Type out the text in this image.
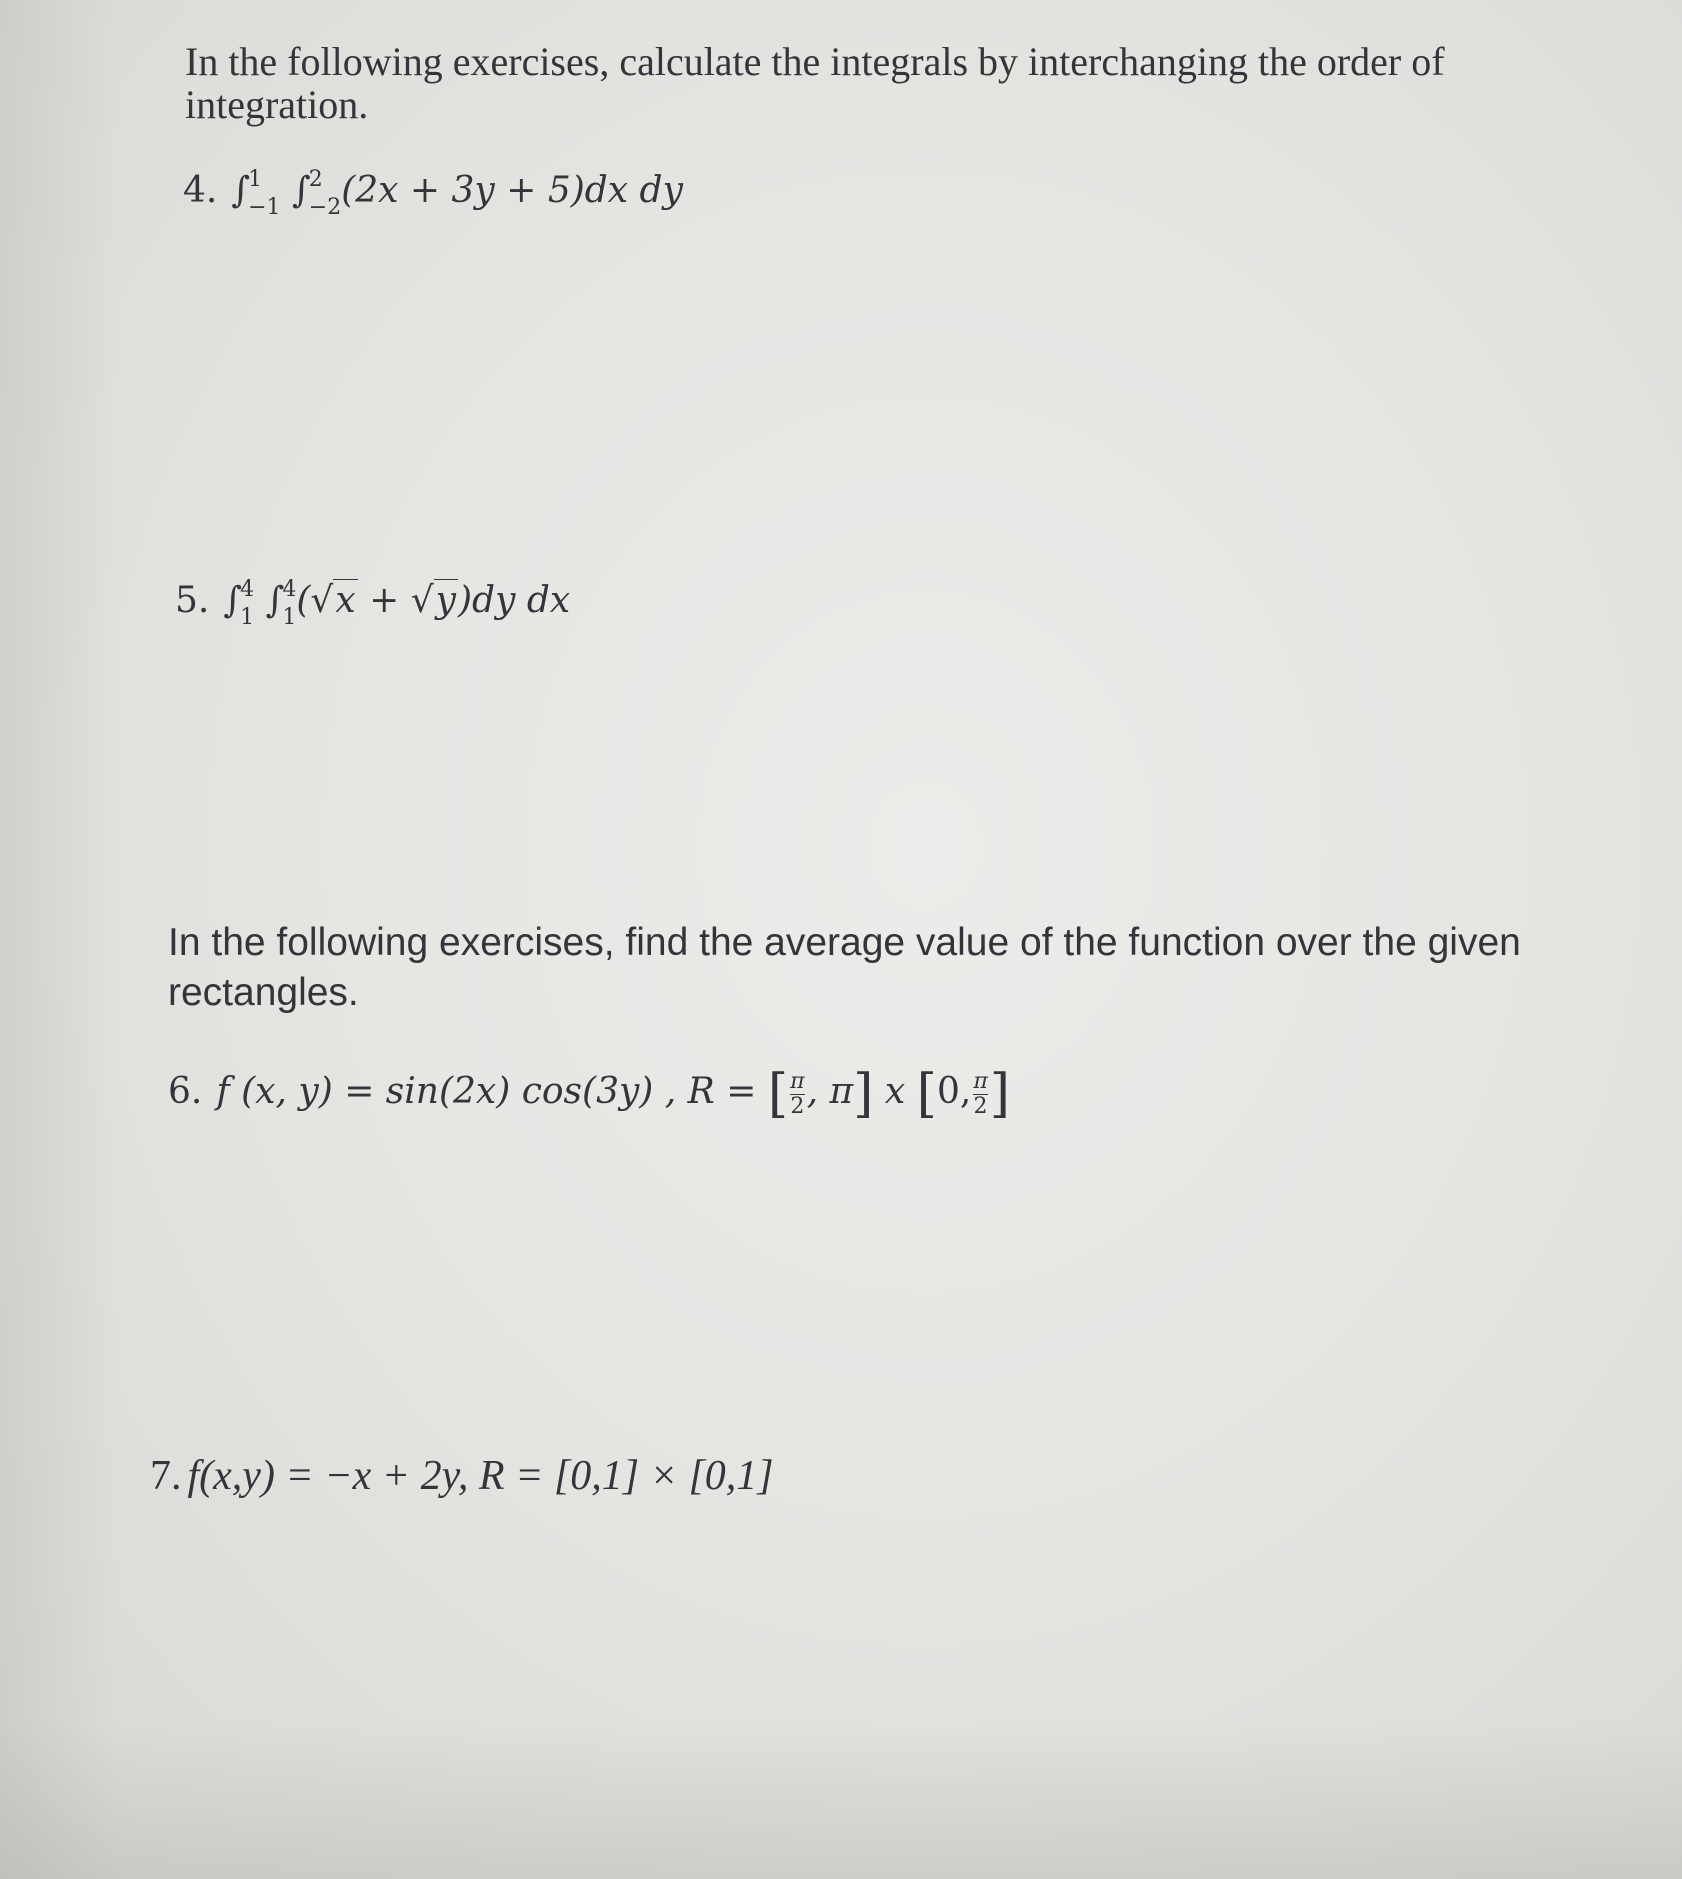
In the following exercises, calculate the integrals by interchanging the order of integration.

4. ∫$^1_{-1}$ ∫$^2_{-2}$(2x + 3y + 5)dx dy
5. ∫$^4_1$ ∫$^4_1$(√x + √y)dy dx

In the following exercises, find the average value of the function over the given rectangles.

6. f (x, y) = sin(2x) cos(3y) , R = [ $\frac{\pi}{2}$ , π] x [0, $\frac{\pi}{2}$ ]
7. f(x,y) = −x + 2y, R = [0,1] × [0,1]
